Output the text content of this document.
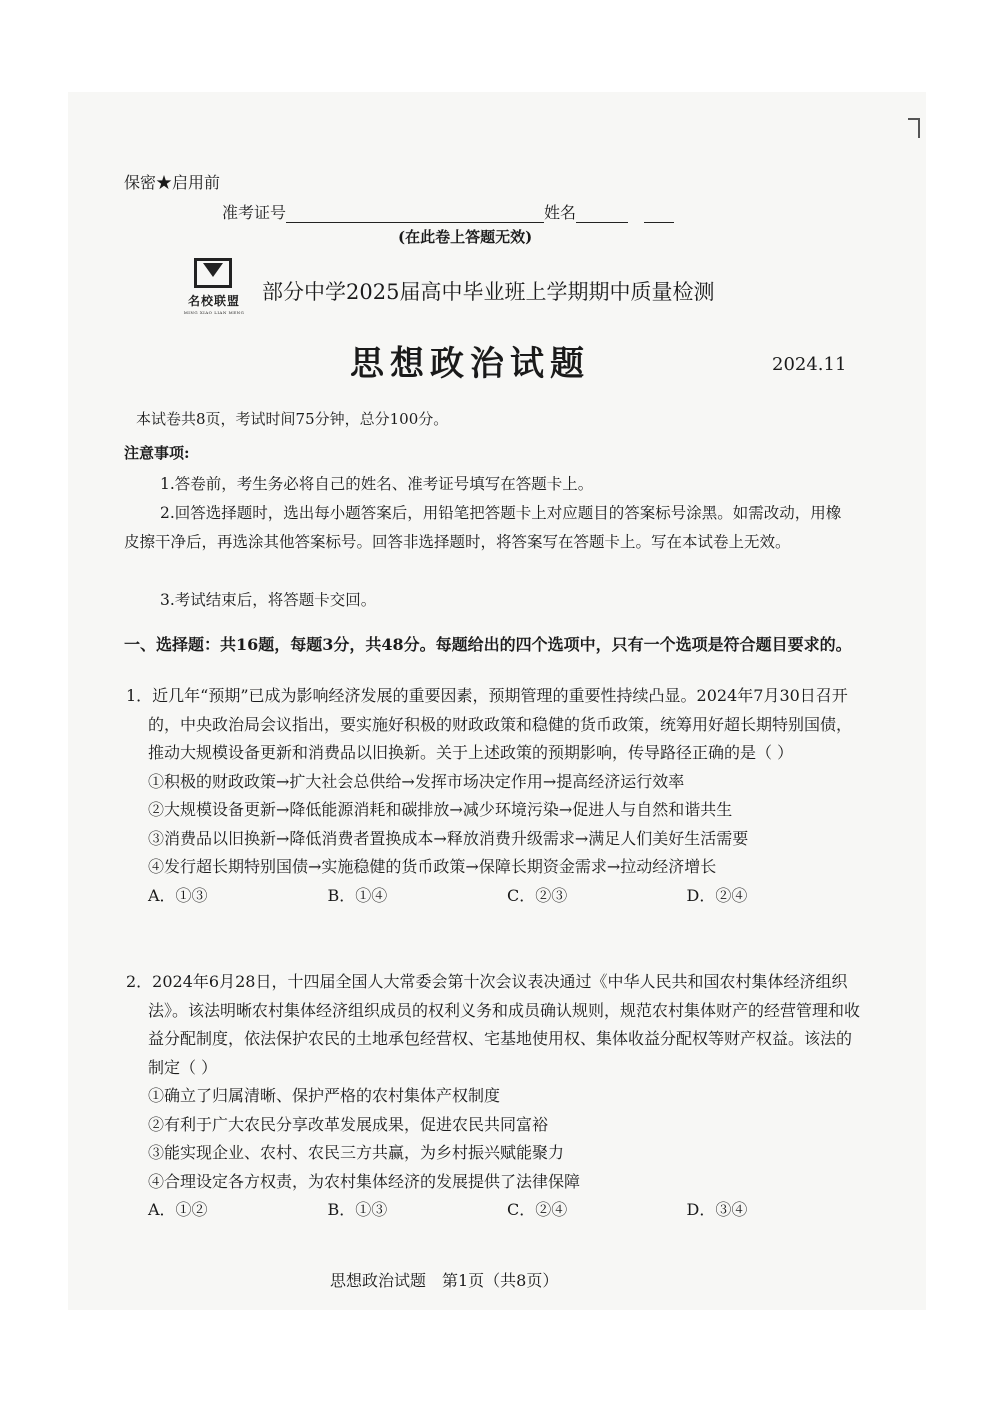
保密★启用前
准考证号	姓名
(在此卷上答题无效)
名校联盟
MING XIAO LIAN MENG
部分中学2025届高中毕业班上学期期中质量检测
思想政治试题	2024.11
本试卷共8页，考试时间75分钟，总分100分。
注意事项:
1.答卷前，考生务必将自己的姓名、准考证号填写在答题卡上。
2.回答选择题时，选出每小题答案后，用铅笔把答题卡上对应题目的答案标号涂黑。如需改动，用橡皮擦干净后，再选涂其他答案标号。回答非选择题时，将答案写在答题卡上。写在本试卷上无效。
3.考试结束后，将答题卡交回。
一、选择题：共16题，每题3分，共48分。每题给出的四个选项中，只有一个选项是符合题目要求的。
1．近几年“预期”已成为影响经济发展的重要因素，预期管理的重要性持续凸显。2024年7月30日召开的，中央政治局会议指出，要实施好积极的财政政策和稳健的货币政策，统筹用好超长期特别国债，推动大规模设备更新和消费品以旧换新。关于上述政策的预期影响，传导路径正确的是（ ）
①积极的财政政策→扩大社会总供给→发挥市场决定作用→提高经济运行效率
②大规模设备更新→降低能源消耗和碳排放→减少环境污染→促进人与自然和谐共生
③消费品以旧换新→降低消费者置换成本→释放消费升级需求→满足人们美好生活需要
④发行超长期特别国债→实施稳健的货币政策→保障长期资金需求→拉动经济增长
A．①③	B．①④	C．②③	D．②④
2．2024年6月28日，十四届全国人大常委会第十次会议表决通过《中华人民共和国农村集体经济组织法》。该法明晰农村集体经济组织成员的权利义务和成员确认规则，规范农村集体财产的经营管理和收益分配制度，依法保护农民的土地承包经营权、宅基地使用权、集体收益分配权等财产权益。该法的制定（ ）
①确立了归属清晰、保护严格的农村集体产权制度
②有利于广大农民分享改革发展成果，促进农民共同富裕
③能实现企业、农村、农民三方共赢，为乡村振兴赋能聚力
④合理设定各方权责，为农村集体经济的发展提供了法律保障
A．①②	B．①③	C．②④	D．③④
思想政治试题　第1页（共8页）
